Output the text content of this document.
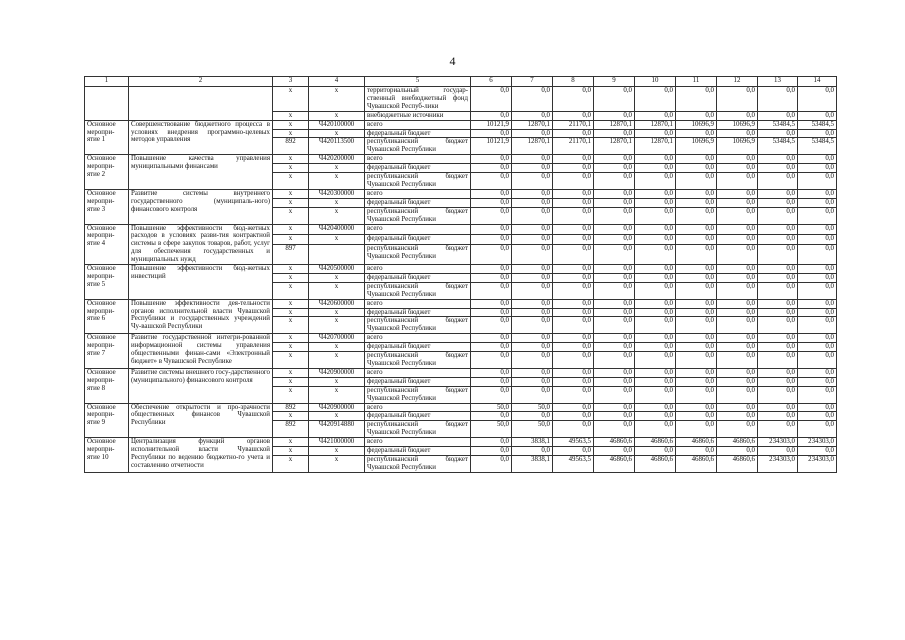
4
1	2	3	4	5	6	7	8	9	10	11	12	13	14
		x	x	территориальный государ-ственный внебюджетный фонд Чувашской Респуб-лики	0,0	0,0	0,0	0,0	0,0	0,0	0,0	0,0	0,0
		x	x	внебюджетные источники	0,0	0,0	0,0	0,0	0,0	0,0	0,0	0,0	0,0
Основное меропри-ятие 1	Совершенствование бюджетного процесса в условиях внедрения программно-целевых методов управления	x	Ч420100000	всего	10121,9	12870,1	21170,1	12870,1	12870,1	10696,9	10696,9	53484,5	53484,5
		x	x	федеральный бюджет	0,0	0,0	0,0	0,0	0,0	0,0	0,0	0,0	0,0
		892	Ч420113500	республиканский бюджет Чувашской Республики	10121,9	12870,1	21170,1	12870,1	12870,1	10696,9	10696,9	53484,5	53484,5
Основное меропри-ятие 2	Повышение качества управления муниципальными финансами	x	Ч420200000	всего	0,0	0,0	0,0	0,0	0,0	0,0	0,0	0,0	0,0
		x	x	федеральный бюджет	0,0	0,0	0,0	0,0	0,0	0,0	0,0	0,0	0,0
		x	x	республиканский бюджет Чувашской Республики	0,0	0,0	0,0	0,0	0,0	0,0	0,0	0,0	0,0
Основное меропри-ятие 3	Развитие системы внутреннего государственного (муниципаль-ного) финансового контроля	x	Ч420300000	всего	0,0	0,0	0,0	0,0	0,0	0,0	0,0	0,0	0,0
		x	x	федеральный бюджет	0,0	0,0	0,0	0,0	0,0	0,0	0,0	0,0	0,0
		x	x	республиканский бюджет Чувашской Республики	0,0	0,0	0,0	0,0	0,0	0,0	0,0	0,0	0,0
Основное меропри-ятие 4	Повышение эффективности бюд-жетных расходов в условиях разви-тия контрактной системы в сфере закупок товаров, работ, услуг для обеспечения государственных и муниципальных нужд	x	Ч420400000	всего	0,0	0,0	0,0	0,0	0,0	0,0	0,0	0,0	0,0
		x	x	федеральный бюджет	0,0	0,0	0,0	0,0	0,0	0,0	0,0	0,0	0,0
		897		республиканский бюджет Чувашской Республики	0,0	0,0	0,0	0,0	0,0	0,0	0,0	0,0	0,0
Основное меропри-ятие 5	Повышение эффективности бюд-жетных инвестиций	x	Ч420500000	всего	0,0	0,0	0,0	0,0	0,0	0,0	0,0	0,0	0,0
		x	x	федеральный бюджет	0,0	0,0	0,0	0,0	0,0	0,0	0,0	0,0	0,0
		x	x	республиканский бюджет Чувашской Республики	0,0	0,0	0,0	0,0	0,0	0,0	0,0	0,0	0,0
Основное меропри-ятие 6	Повышение эффективности дея-тельности органов исполнительной власти Чувашской Республики и государственных учреждений Чу-вашской Республики	x	Ч420600000	всего	0,0	0,0	0,0	0,0	0,0	0,0	0,0	0,0	0,0
		x	x	федеральный бюджет	0,0	0,0	0,0	0,0	0,0	0,0	0,0	0,0	0,0
		x	x	республиканский бюджет Чувашской Республики	0,0	0,0	0,0	0,0	0,0	0,0	0,0	0,0	0,0
Основное меропри-ятие 7	Развитие государственной интегри-рованной информационной системы управления общественными финан-сами «Электронный бюджет» в Чувашской Республике	x	Ч420700000	всего	0,0	0,0	0,0	0,0	0,0	0,0	0,0	0,0	0,0
		x	x	федеральный бюджет	0,0	0,0	0,0	0,0	0,0	0,0	0,0	0,0	0,0
		x	x	республиканский бюджет Чувашской Республики	0,0	0,0	0,0	0,0	0,0	0,0	0,0	0,0	0,0
Основное меропри-ятие 8	Развитие системы внешнего госу-дарственного (муниципального) финансового контроля	x	Ч420900000	всего	0,0	0,0	0,0	0,0	0,0	0,0	0,0	0,0	0,0
		x	x	федеральный бюджет	0,0	0,0	0,0	0,0	0,0	0,0	0,0	0,0	0,0
		x	x	республиканский бюджет Чувашской Республики	0,0	0,0	0,0	0,0	0,0	0,0	0,0	0,0	0,0
Основное меропри-ятие 9	Обеспечение открытости и про-зрачности общественных финансов Чувашской Республики	892	Ч420900000	всего	50,0	50,0	0,0	0,0	0,0	0,0	0,0	0,0	0,0
		x	x	федеральный бюджет	0,0	0,0	0,0	0,0	0,0	0,0	0,0	0,0	0,0
		892	Ч420914880	республиканский бюджет Чувашской Республики	50,0	50,0	0,0	0,0	0,0	0,0	0,0	0,0	0,0
Основное меропри-ятие 10	Централизация функций органов исполнительной власти Чувашской Республики по ведению бюджетно-го учета и составлению отчетности	x	Ч421000000	всего	0,0	3838,1	49563,5	46860,6	46860,6	46860,6	46860,6	234303,0	234303,0
		x	x	федеральный бюджет	0,0	0,0	0,0	0,0	0,0	0,0	0,0	0,0	0,0
		x	x	республиканский бюджет Чувашской Республики	0,0	3838,1	49563,5	46860,6	46860,6	46860,6	46860,6	234303,0	234303,0
